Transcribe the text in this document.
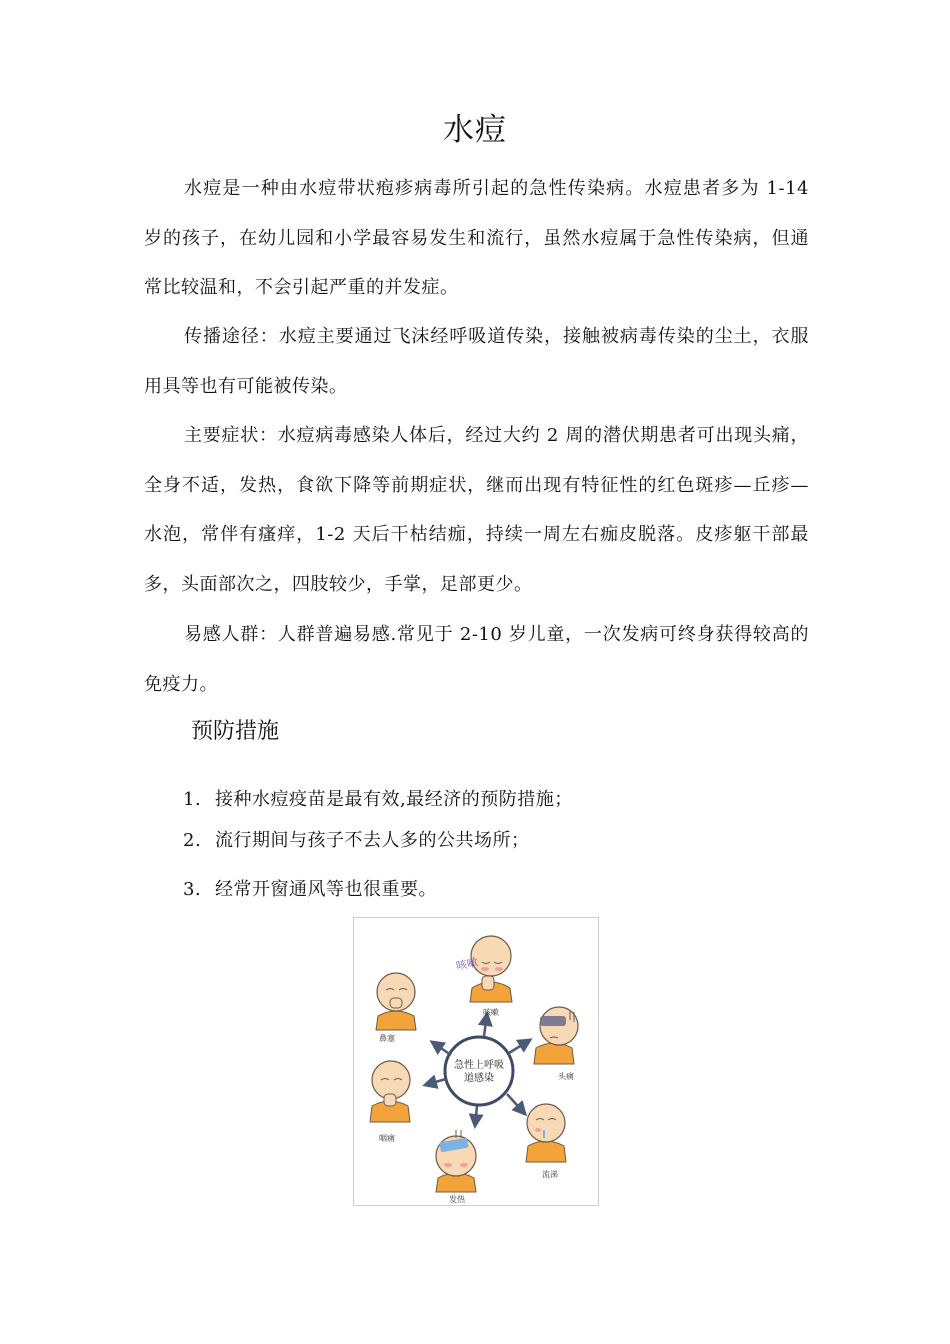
水痘

水痘是一种由水痘带状疱疹病毒所引起的急性传染病。水痘患者多为 1-14 岁的孩子，在幼儿园和小学最容易发生和流行，虽然水痘属于急性传染病，但通常比较温和，不会引起严重的并发症。

传播途径：水痘主要通过飞沫经呼吸道传染，接触被病毒传染的尘土，衣服用具等也有可能被传染。

主要症状：水痘病毒感染人体后，经过大约 2 周的潜伏期患者可出现头痛，全身不适，发热，食欲下降等前期症状，继而出现有特征性的红色斑疹—丘疹—水泡，常伴有瘙痒，1-2 天后干枯结痂，持续一周左右痂皮脱落。皮疹躯干部最多，头面部次之，四肢较少，手掌，足部更少。

易感人群：人群普遍易感.常见于 2-10 岁儿童，一次发病可终身获得较高的免疫力。

预防措施

1. 接种水痘疫苗是最有效,最经济的预防措施；

2. 流行期间与孩子不去人多的公共场所；

3. 经常开窗通风等也很重要。

急性上呼吸
道感染
咳嗽
咳嗽
头痛
流涕
发热
咽痛
鼻塞
